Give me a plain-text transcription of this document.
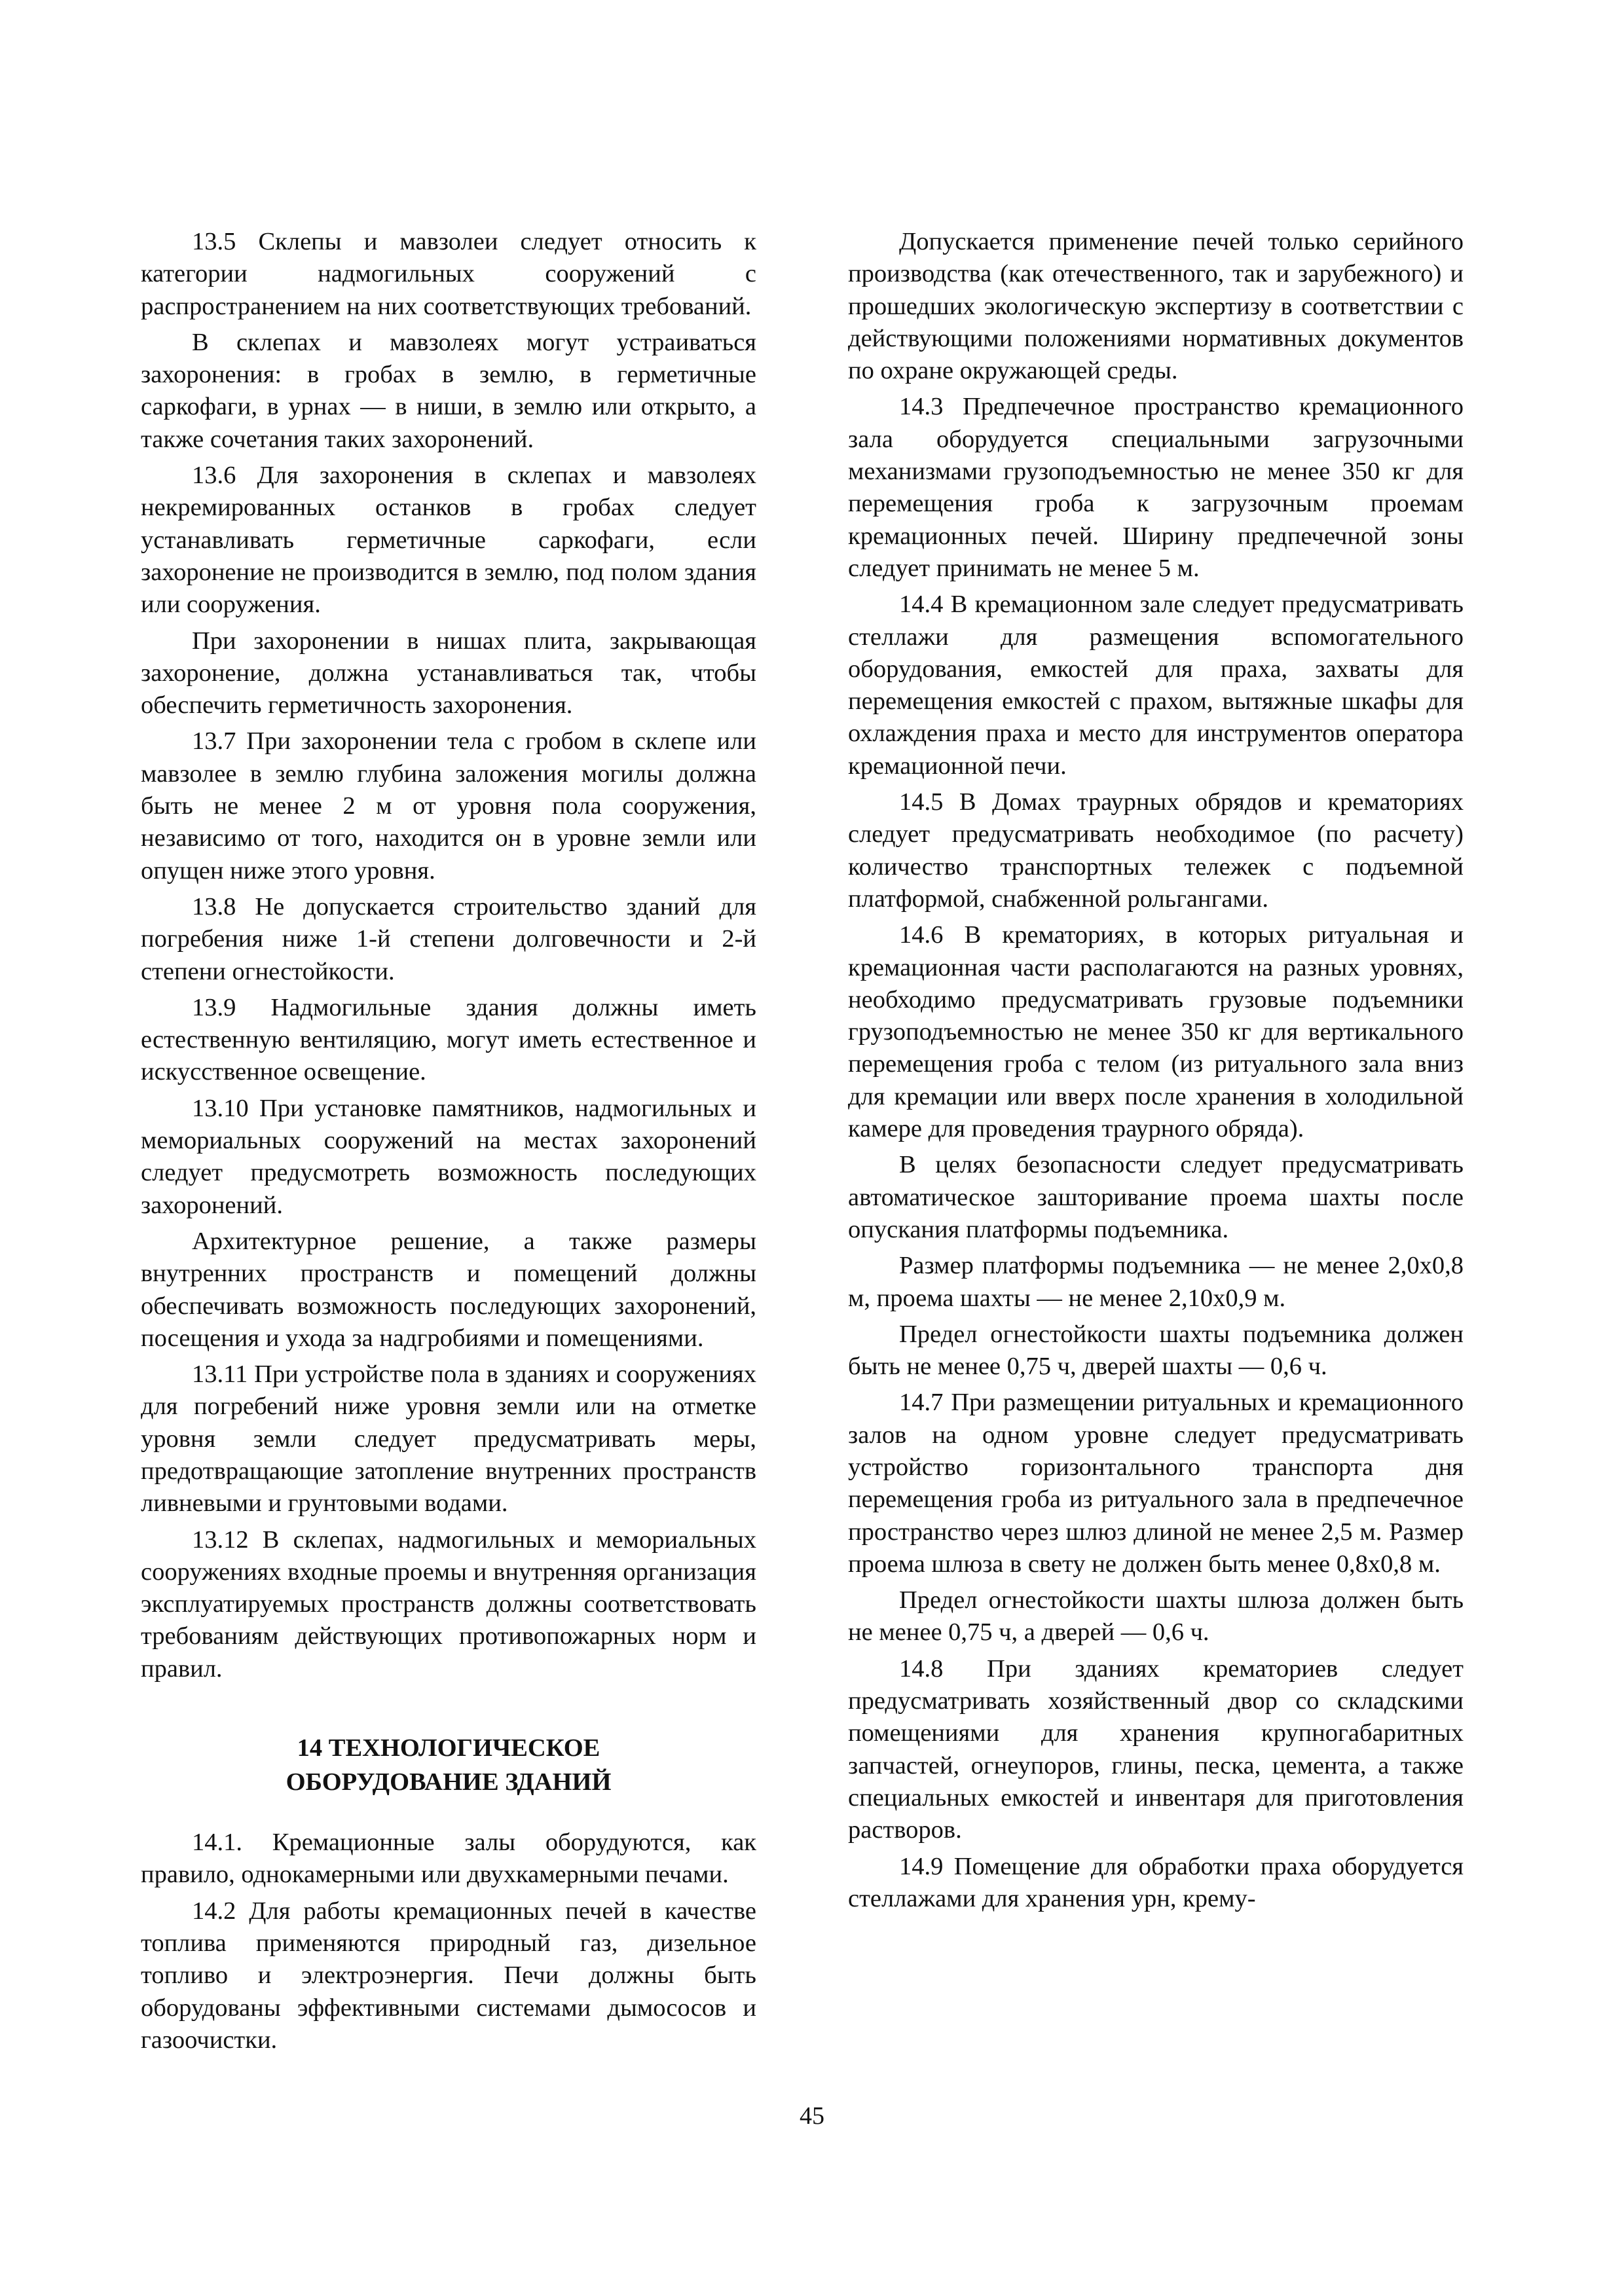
13.5 Склепы и мавзолеи следует относить к категории надмогильных сооружений с распространением на них соответствующих требований.

В склепах и мавзолеях могут устраиваться захоронения: в гробах в землю, в герметичные саркофаги, в урнах — в ниши, в землю или открыто, а также сочетания таких захоронений.

13.6 Для захоронения в склепах и мавзолеях некремированных останков в гробах следует устанавливать герметичные саркофаги, если захоронение не производится в землю, под полом здания или сооружения.

При захоронении в нишах плита, закрывающая захоронение, должна устанавливаться так, чтобы обеспечить герметичность захоронения.

13.7 При захоронении тела с гробом в склепе или мавзолее в землю глубина заложения могилы должна быть не менее 2 м от уровня пола сооружения, независимо от того, находится он в уровне земли или опущен ниже этого уровня.

13.8 Не допускается строительство зданий для погребения ниже 1-й степени долговечности и 2-й степени огнестойкости.

13.9 Надмогильные здания должны иметь естественную вентиляцию, могут иметь естественное и искусственное освещение.

13.10 При установке памятников, надмогильных и мемориальных сооружений на местах захоронений следует предусмотреть возможность последующих захоронений.

Архитектурное решение, а также размеры внутренних пространств и помещений должны обеспечивать возможность последующих захоронений, посещения и ухода за надгробиями и помещениями.

13.11 При устройстве пола в зданиях и сооружениях для погребений ниже уровня земли или на отметке уровня земли следует предусматривать меры, предотвращающие затопление внутренних пространств ливневыми и грунтовыми водами.

13.12 В склепах, надмогильных и мемориальных сооружениях входные проемы и внутренняя организация эксплуатируемых пространств должны соответствовать требованиям действующих противопожарных норм и правил.

14 ТЕХНОЛОГИЧЕСКОЕ
ОБОРУДОВАНИЕ ЗДАНИЙ

14.1. Кремационные залы оборудуются, как правило, однокамерными или двухкамерными печами.

14.2 Для работы кремационных печей в качестве топлива применяются природный газ, дизельное топливо и электроэнергия. Печи должны быть оборудованы эффективными системами дымососов и газоочистки.

Допускается применение печей только серийного производства (как отечественного, так и зарубежного) и прошедших экологическую экспертизу в соответствии с действующими положениями нормативных документов по охране окружающей среды.

14.3 Предпечечное пространство кремационного зала оборудуется специальными загрузочными механизмами грузоподъемностью не менее 350 кг для перемещения гроба к загрузочным проемам кремационных печей. Ширину предпечечной зоны следует принимать не менее 5 м.

14.4 В кремационном зале следует предусматривать стеллажи для размещения вспомогательного оборудования, емкостей для праха, захваты для перемещения емкостей с прахом, вытяжные шкафы для охлаждения праха и место для инструментов оператора кремационной печи.

14.5 В Домах траурных обрядов и крематориях следует предусматривать необходимое (по расчету) количество транспортных тележек с подъемной платформой, снабженной рольгангами.

14.6 В крематориях, в которых ритуальная и кремационная части располагаются на разных уровнях, необходимо предусматривать грузовые подъемники грузоподъемностью не менее 350 кг для вертикального перемещения гроба с телом (из ритуального зала вниз для кремации или вверх после хранения в холодильной камере для проведения траурного обряда).

В целях безопасности следует предусматривать автоматическое зашторивание проема шахты после опускания платформы подъемника.

Размер платформы подъемника — не менее 2,0х0,8 м, проема шахты — не менее 2,10х0,9 м.

Предел огнестойкости шахты подъемника должен быть не менее 0,75 ч, дверей шахты — 0,6 ч.

14.7 При размещении ритуальных и кремационного залов на одном уровне следует предусматривать устройство горизонтального транспорта дня перемещения гроба из ритуального зала в предпечечное пространство через шлюз длиной не менее 2,5 м. Размер проема шлюза в свету не должен быть менее 0,8х0,8 м.

Предел огнестойкости шахты шлюза должен быть не менее 0,75 ч, а дверей — 0,6 ч.

14.8 При зданиях крематориев следует предусматривать хозяйственный двор со складскими помещениями для хранения крупногабаритных запчастей, огнеупоров, глины, песка, цемента, а также специальных емкостей и инвентаря для приготовления растворов.

14.9 Помещение для обработки праха оборудуется стеллажами для хранения урн, крему-

45
